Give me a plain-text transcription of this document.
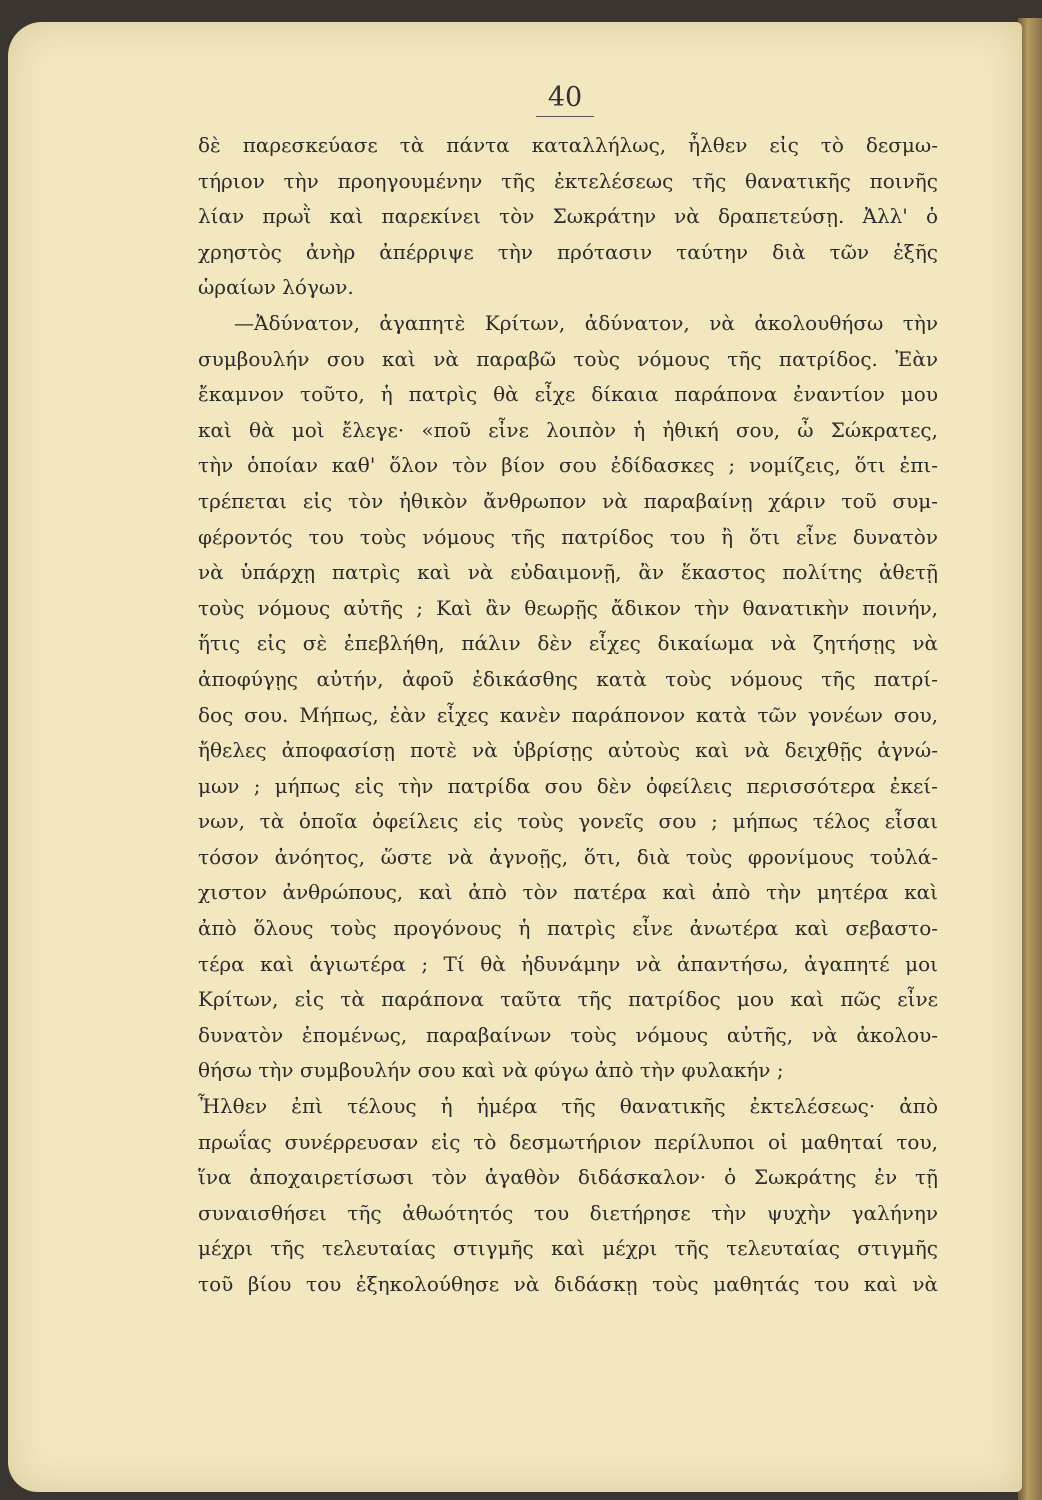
40
δὲ παρεσκεύασε τὰ πάντα καταλλήλως, ἦλθεν εἰς τὸ δεσμω-
τήριον τὴν προηγουμένην τῆς ἐκτελέσεως τῆς θανατικῆς ποινῆς
λίαν πρωῒ καὶ παρεκίνει τὸν Σωκράτην νὰ δραπετεύσῃ. Ἀλλ' ὁ
χρηστὸς ἀνὴρ ἀπέρριψε τὴν πρότασιν ταύτην διὰ τῶν ἑξῆς
ὡραίων λόγων.
—Ἀδύνατον, ἀγαπητὲ Κρίτων, ἀδύνατον, νὰ ἀκολουθήσω τὴν
συμβουλήν σου καὶ νὰ παραβῶ τοὺς νόμους τῆς πατρίδος. Ἐὰν
ἔκαμνον τοῦτο, ἡ πατρὶς θὰ εἶχε δίκαια παράπονα ἐναντίον μου
καὶ θὰ μοὶ ἔλεγε· «ποῦ εἶνε λοιπὸν ἡ ἠθική σου, ὦ Σώκρατες,
τὴν ὁποίαν καθ' ὅλον τὸν βίον σου ἐδίδασκες ; νομίζεις, ὅτι ἐπι-
τρέπεται εἰς τὸν ἠθικὸν ἄνθρωπον νὰ παραβαίνῃ χάριν τοῦ συμ-
φέροντός του τοὺς νόμους τῆς πατρίδος του ἢ ὅτι εἶνε δυνατὸν
νὰ ὑπάρχῃ πατρὶς καὶ νὰ εὐδαιμονῇ, ἂν ἕκαστος πολίτης ἀθετῇ
τοὺς νόμους αὐτῆς ; Καὶ ἂν θεωρῇς ἄδικον τὴν θανατικὴν ποινήν,
ἥτις εἰς σὲ ἐπεβλήθη, πάλιν δὲν εἶχες δικαίωμα νὰ ζητήσῃς νὰ
ἀποφύγῃς αὐτήν, ἀφοῦ ἐδικάσθης κατὰ τοὺς νόμους τῆς πατρί-
δος σου. Μήπως, ἐὰν εἶχες κανὲν παράπονον κατὰ τῶν γονέων σου,
ἤθελες ἀποφασίσῃ ποτὲ νὰ ὑβρίσῃς αὐτοὺς καὶ νὰ δειχθῇς ἀγνώ-
μων ; μήπως εἰς τὴν πατρίδα σου δὲν ὀφείλεις περισσότερα ἐκεί-
νων, τὰ ὁποῖα ὀφείλεις εἰς τοὺς γονεῖς σου ; μήπως τέλος εἶσαι
τόσον ἀνόητος, ὥστε νὰ ἀγνοῇς, ὅτι, διὰ τοὺς φρονίμους τοὐλά-
χιστον ἀνθρώπους, καὶ ἀπὸ τὸν πατέρα καὶ ἀπὸ τὴν μητέρα καὶ
ἀπὸ ὅλους τοὺς προγόνους ἡ πατρὶς εἶνε ἀνωτέρα καὶ σεβαστο-
τέρα καὶ ἁγιωτέρα ; Τί θὰ ἠδυνάμην νὰ ἀπαντήσω, ἀγαπητέ μοι
Κρίτων, εἰς τὰ παράπονα ταῦτα τῆς πατρίδος μου καὶ πῶς εἶνε
δυνατὸν ἐπομένως, παραβαίνων τοὺς νόμους αὐτῆς, νὰ ἀκολου-
θήσω τὴν συμβουλήν σου καὶ νὰ φύγω ἀπὸ τὴν φυλακήν ;
Ἦλθεν ἐπὶ τέλους ἡ ἡμέρα τῆς θανατικῆς ἐκτελέσεως· ἀπὸ
πρωΐας συνέρρευσαν εἰς τὸ δεσμωτήριον περίλυποι οἱ μαθηταί του,
ἵνα ἀποχαιρετίσωσι τὸν ἀγαθὸν διδάσκαλον· ὁ Σωκράτης ἐν τῇ
συναισθήσει τῆς ἀθωότητός του διετήρησε τὴν ψυχὴν γαλήνην
μέχρι τῆς τελευταίας στιγμῆς καὶ μέχρι τῆς τελευταίας στιγμῆς
τοῦ βίου του ἐξηκολούθησε νὰ διδάσκῃ τοὺς μαθητάς του καὶ νὰ
